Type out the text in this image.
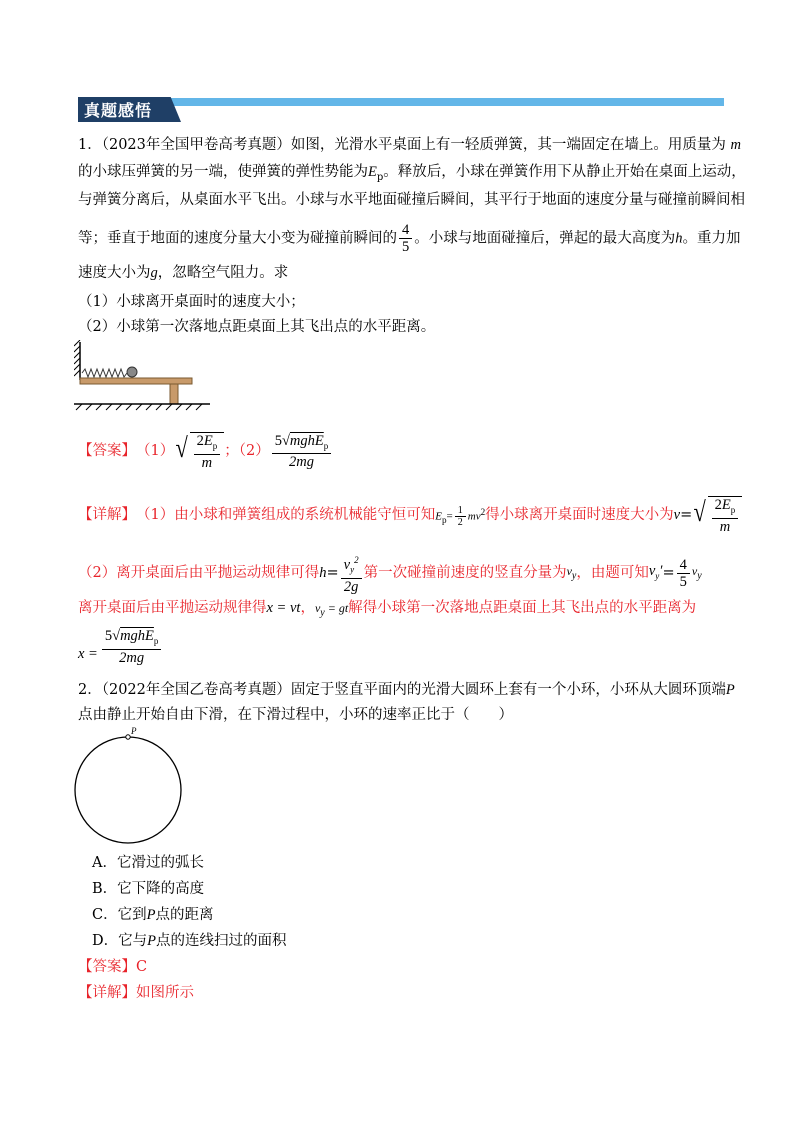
真题感悟
1．（2023年全国甲卷高考真题）如图，光滑水平桌面上有一轻质弹簧，其一端固定在墙上。用质量为 m
的小球压弹簧的另一端，使弹簧的弹性势能为$E_p$。释放后，小球在弹簧作用下从静止开始在桌面上运动，
与弹簧分离后，从桌面水平飞出。小球与水平地面碰撞后瞬间，其平行于地面的速度分量与碰撞前瞬间相
等；垂直于地面的速度分量大小变为碰撞前瞬间的 $\frac{4}{5}$ 。小球与地面碰撞后，弹起的最大高度为h。重力加
速度大小为g，忽略空气阻力。求
（1）小球离开桌面时的速度大小；
（2）小球第一次落地点距桌面上其飞出点的水平距离。
【答案】 （1） √ $\frac{2E_p}{m}$ ；$(2) \frac{5√mghE_p}{2mg}$
【详解】 （1）由小球和弹簧组成的系统机械能守恒可知 $E_p= \frac{1}{2} mv^2$ 得小球离开桌面时速度大小为 v = √ $\frac{2E_p}{m}$
（2）离开桌面后由平抛运动规律可得 $h = \frac{v_y^2}{2g}$ 第一次碰撞前速度的竖直分量为 $v_y$ ，由题可知 $v_y' = \frac{4}{5} v_y$
离开桌面后由平抛运动规律得x = vt，$v_y$ = gt解得小球第一次落地点距桌面上其飞出点的水平距离为
$x = \frac{5√mghE_p}{2mg}$
2．（2022年全国乙卷高考真题）固定于竖直平面内的光滑大圆环上套有一个小环，小环从大圆环顶端P
点由静止开始自由下滑，在下滑过程中，小环的速率正比于（　　）
P
A．它滑过的弧长
B．它下降的高度
C．它到P点的距离
D．它与P点的连线扫过的面积
【答案】C
【详解】如图所示
